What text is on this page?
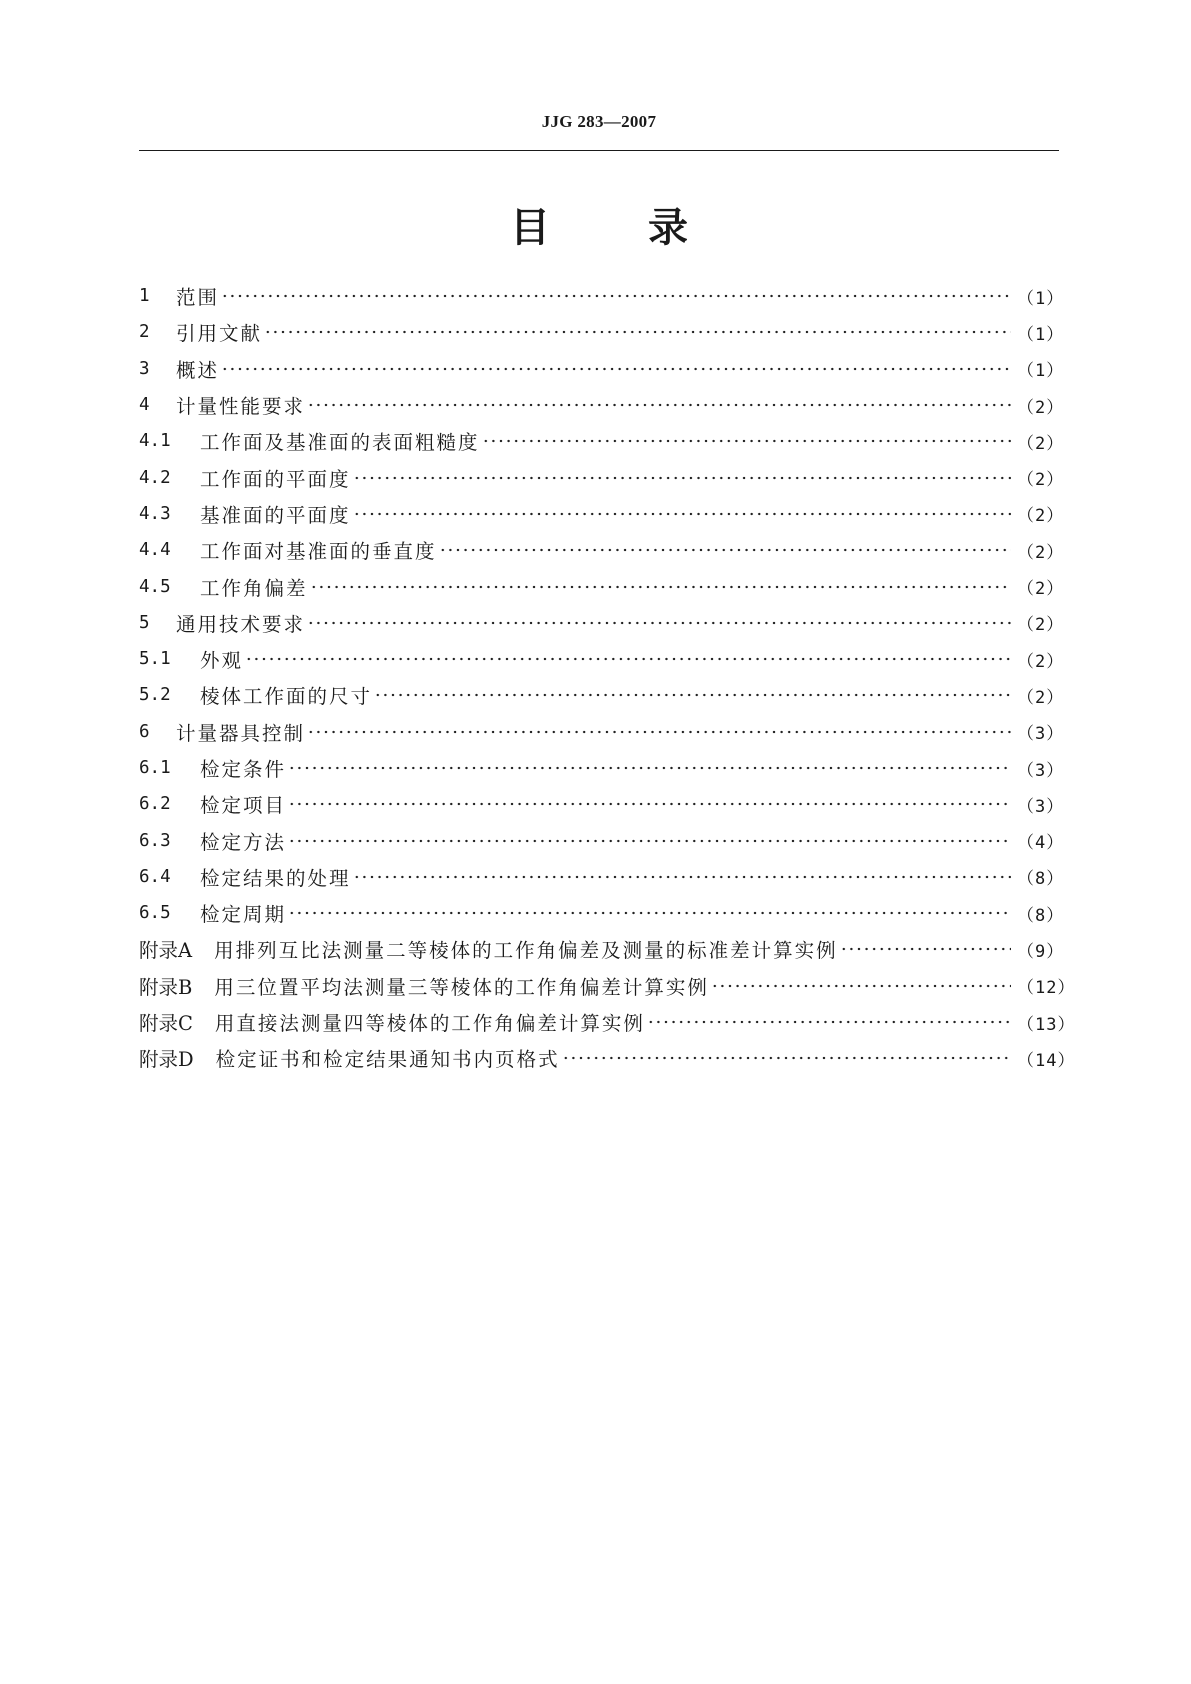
JJG 283—2007
目 录
1	范围	（1）
2	引用文献	（1）
3	概述	（1）
4	计量性能要求	（2）
4.1	工作面及基准面的表面粗糙度	（2）
4.2	工作面的平面度	（2）
4.3	基准面的平面度	（2）
4.4	工作面对基准面的垂直度	（2）
4.5	工作角偏差	（2）
5	通用技术要求	（2）
5.1	外观	（2）
5.2	棱体工作面的尺寸	（2）
6	计量器具控制	（3）
6.1	检定条件	（3）
6.2	检定项目	（3）
6.3	检定方法	（4）
6.4	检定结果的处理	（8）
6.5	检定周期	（8）
附录A	用排列互比法测量二等棱体的工作角偏差及测量的标准差计算实例	（9）
附录B	用三位置平均法测量三等棱体的工作角偏差计算实例	（12）
附录C	用直接法测量四等棱体的工作角偏差计算实例	（13）
附录D	检定证书和检定结果通知书内页格式	（14）
